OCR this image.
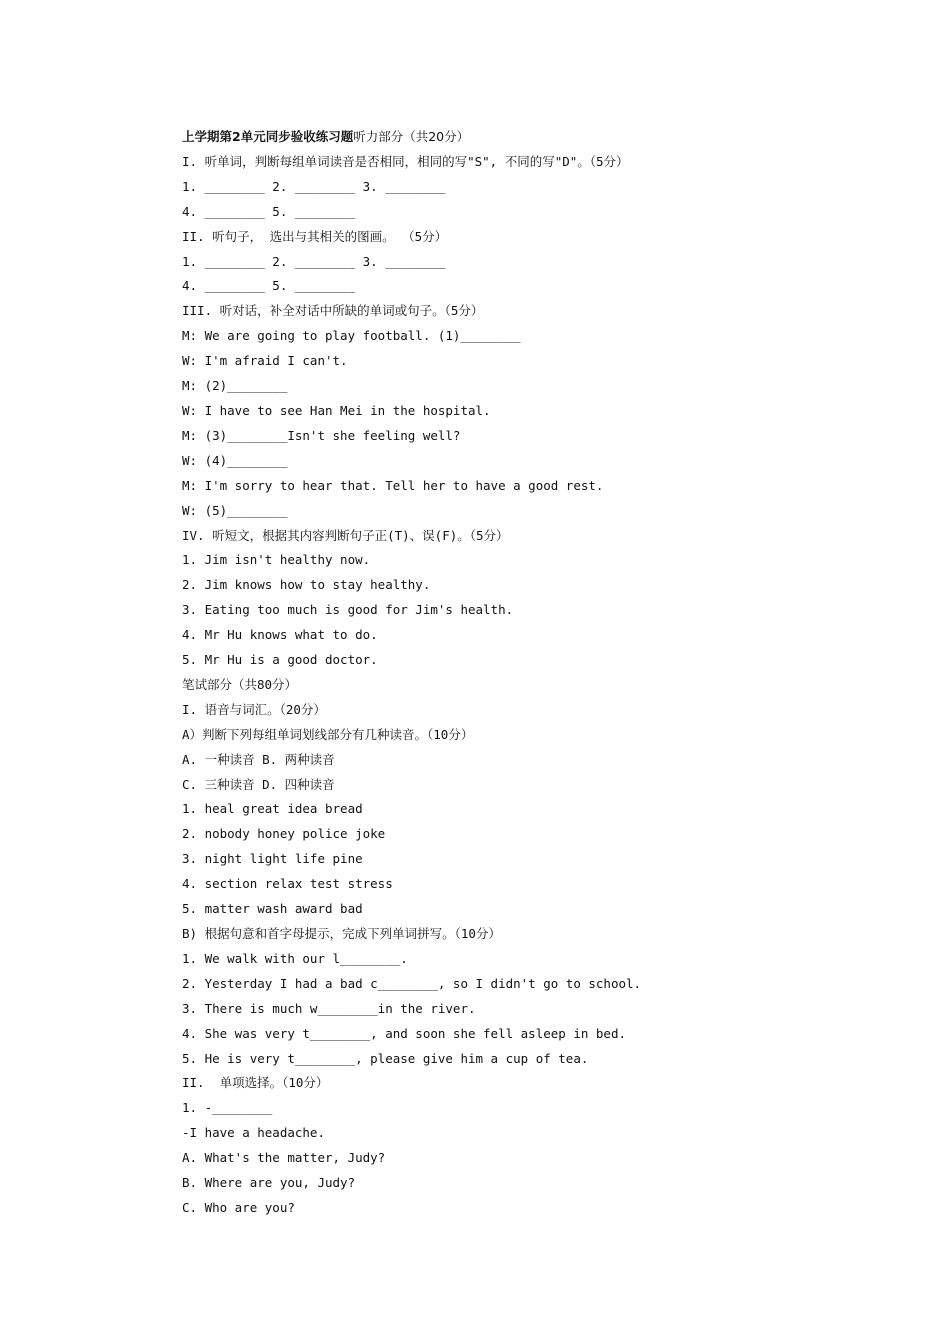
上学期第2单元同步验收练习题听力部分（共20分）
I. 听单词，判断每组单词读音是否相同，相同的写"S", 不同的写"D"。（5分）
1. ________ 2. ________ 3. ________
4. ________ 5. ________
II. 听句子， 选出与其相关的图画。 （5分）
1. ________ 2. ________ 3. ________
4. ________ 5. ________
III. 听对话，补全对话中所缺的单词或句子。（5分）
M: We are going to play football. (1)________
W: I'm afraid I can't.
M: (2)________
W: I have to see Han Mei in the hospital.
M: (3)________Isn't she feeling well?
W: (4)________
M: I'm sorry to hear that. Tell her to have a good rest.
W: (5)________
IV. 听短文，根据其内容判断句子正(T)、误(F)。（5分）
1. Jim isn't healthy now.
2. Jim knows how to stay healthy.
3. Eating too much is good for Jim's health.
4. Mr Hu knows what to do.
5. Mr Hu is a good doctor.
笔试部分（共80分）
I. 语音与词汇。（20分）
A）判断下列每组单词划线部分有几种读音。（10分）
A. 一种读音 B. 两种读音
C. 三种读音 D. 四种读音
1. heal great idea bread
2. nobody honey police joke
3. night light life pine
4. section relax test stress
5. matter wash award bad
B) 根据句意和首字母提示，完成下列单词拼写。（10分）
1. We walk with our l________.
2. Yesterday I had a bad c________, so I didn't go to school.
3. There is much w________in the river.
4. She was very t________, and soon she fell asleep in bed.
5. He is very t________, please give him a cup of tea.
II.  单项选择。（10分）
1. -________
-I have a headache.
A. What's the matter, Judy?
B. Where are you, Judy?
C. Who are you?
